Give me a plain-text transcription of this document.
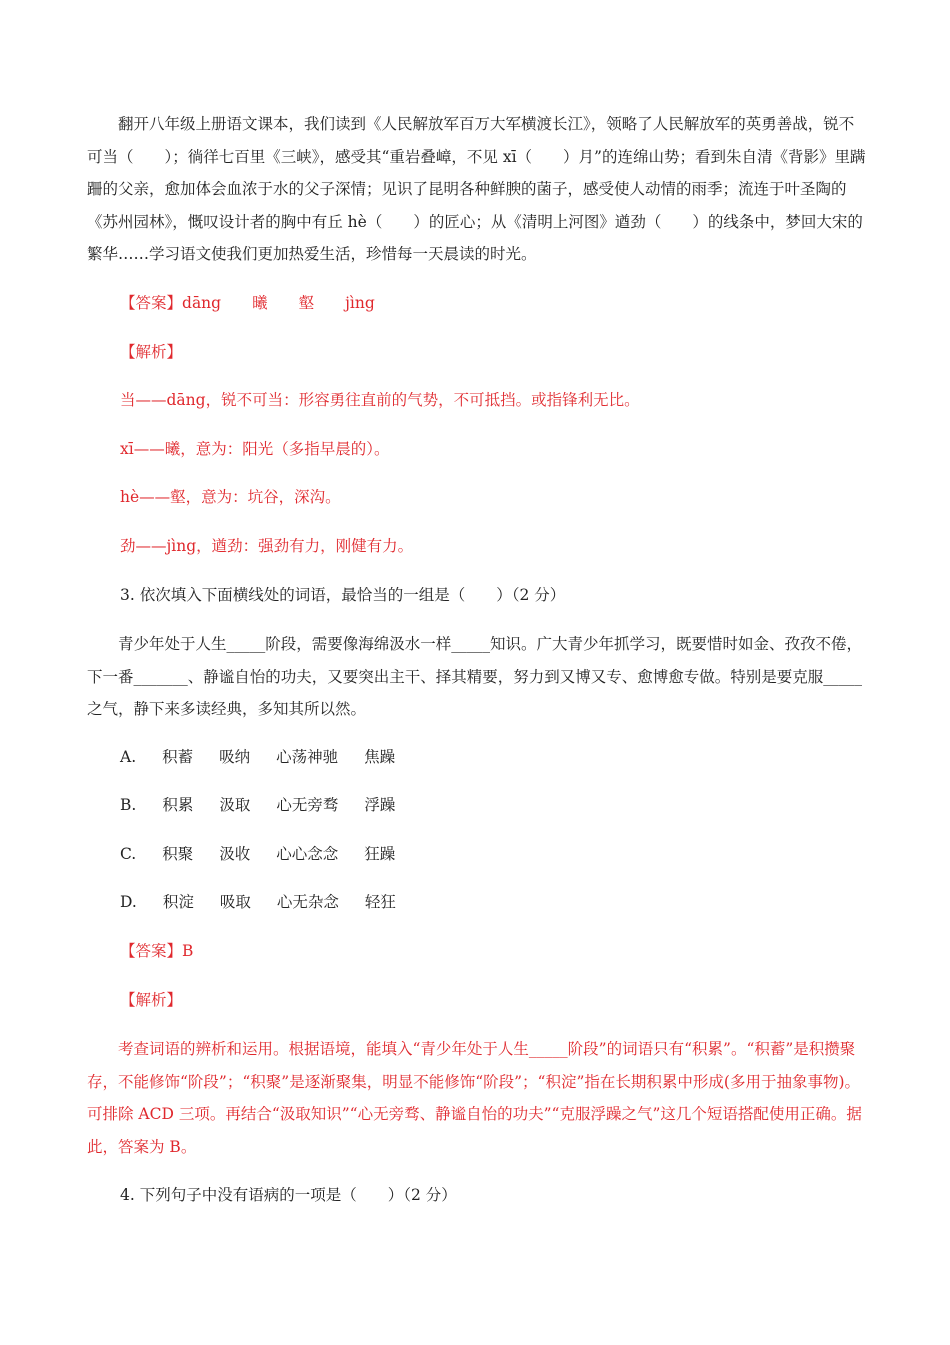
翻开八年级上册语文课本，我们读到《人民解放军百万大军横渡长江》，领略了人民解放军的英勇善战，锐不可当（　　）；徜徉七百里《三峡》，感受其“重岩叠嶂，不见 xī（　　）月”的连绵山势；看到朱自清《背影》里蹒跚的父亲，愈加体会血浓于水的父子深情；见识了昆明各种鲜腴的菌子，感受使人动情的雨季；流连于叶圣陶的《苏州园林》，慨叹设计者的胸中有丘 hè（　　）的匠心；从《清明上河图》遒劲（　　）的线条中，梦回大宋的繁华……学习语文使我们更加热爱生活，珍惜每一天晨读的时光。

【答案】dāng　　曦　　壑　　jìng

【解析】

当——dāng，锐不可当：形容勇往直前的气势，不可抵挡。或指锋利无比。

xī——曦，意为：阳光（多指早晨的）。

hè——壑，意为：坑谷，深沟。

劲——jìng，遒劲：强劲有力，刚健有力。

3. 依次填入下面横线处的词语，最恰当的一组是（　　）（2 分）

青少年处于人生_____阶段，需要像海绵汲水一样_____知识。广大青少年抓学习，既要惜时如金、孜孜不倦，下一番_______、静谧自怡的功夫，又要突出主干、择其精要，努力到又博又专、愈博愈专做。特别是要克服_____之气，静下来多读经典，多知其所以然。

A. 积蓄 吸纳 心荡神驰 焦躁

B. 积累 汲取 心无旁骛 浮躁

C. 积聚 汲收 心心念念 狂躁

D. 积淀 吸取 心无杂念 轻狂

【答案】B

【解析】

考查词语的辨析和运用。根据语境，能填入“青少年处于人生_____阶段”的词语只有“积累”。“积蓄”是积攒聚存，不能修饰“阶段”；“积聚”是逐渐聚集，明显不能修饰“阶段”；“积淀”指在长期积累中形成(多用于抽象事物)。可排除 ACD 三项。再结合“汲取知识”“心无旁骛、静谧自怡的功夫”“克服浮躁之气”这几个短语搭配使用正确。据此，答案为 B。

4. 下列句子中没有语病的一项是（　　）（2 分）
